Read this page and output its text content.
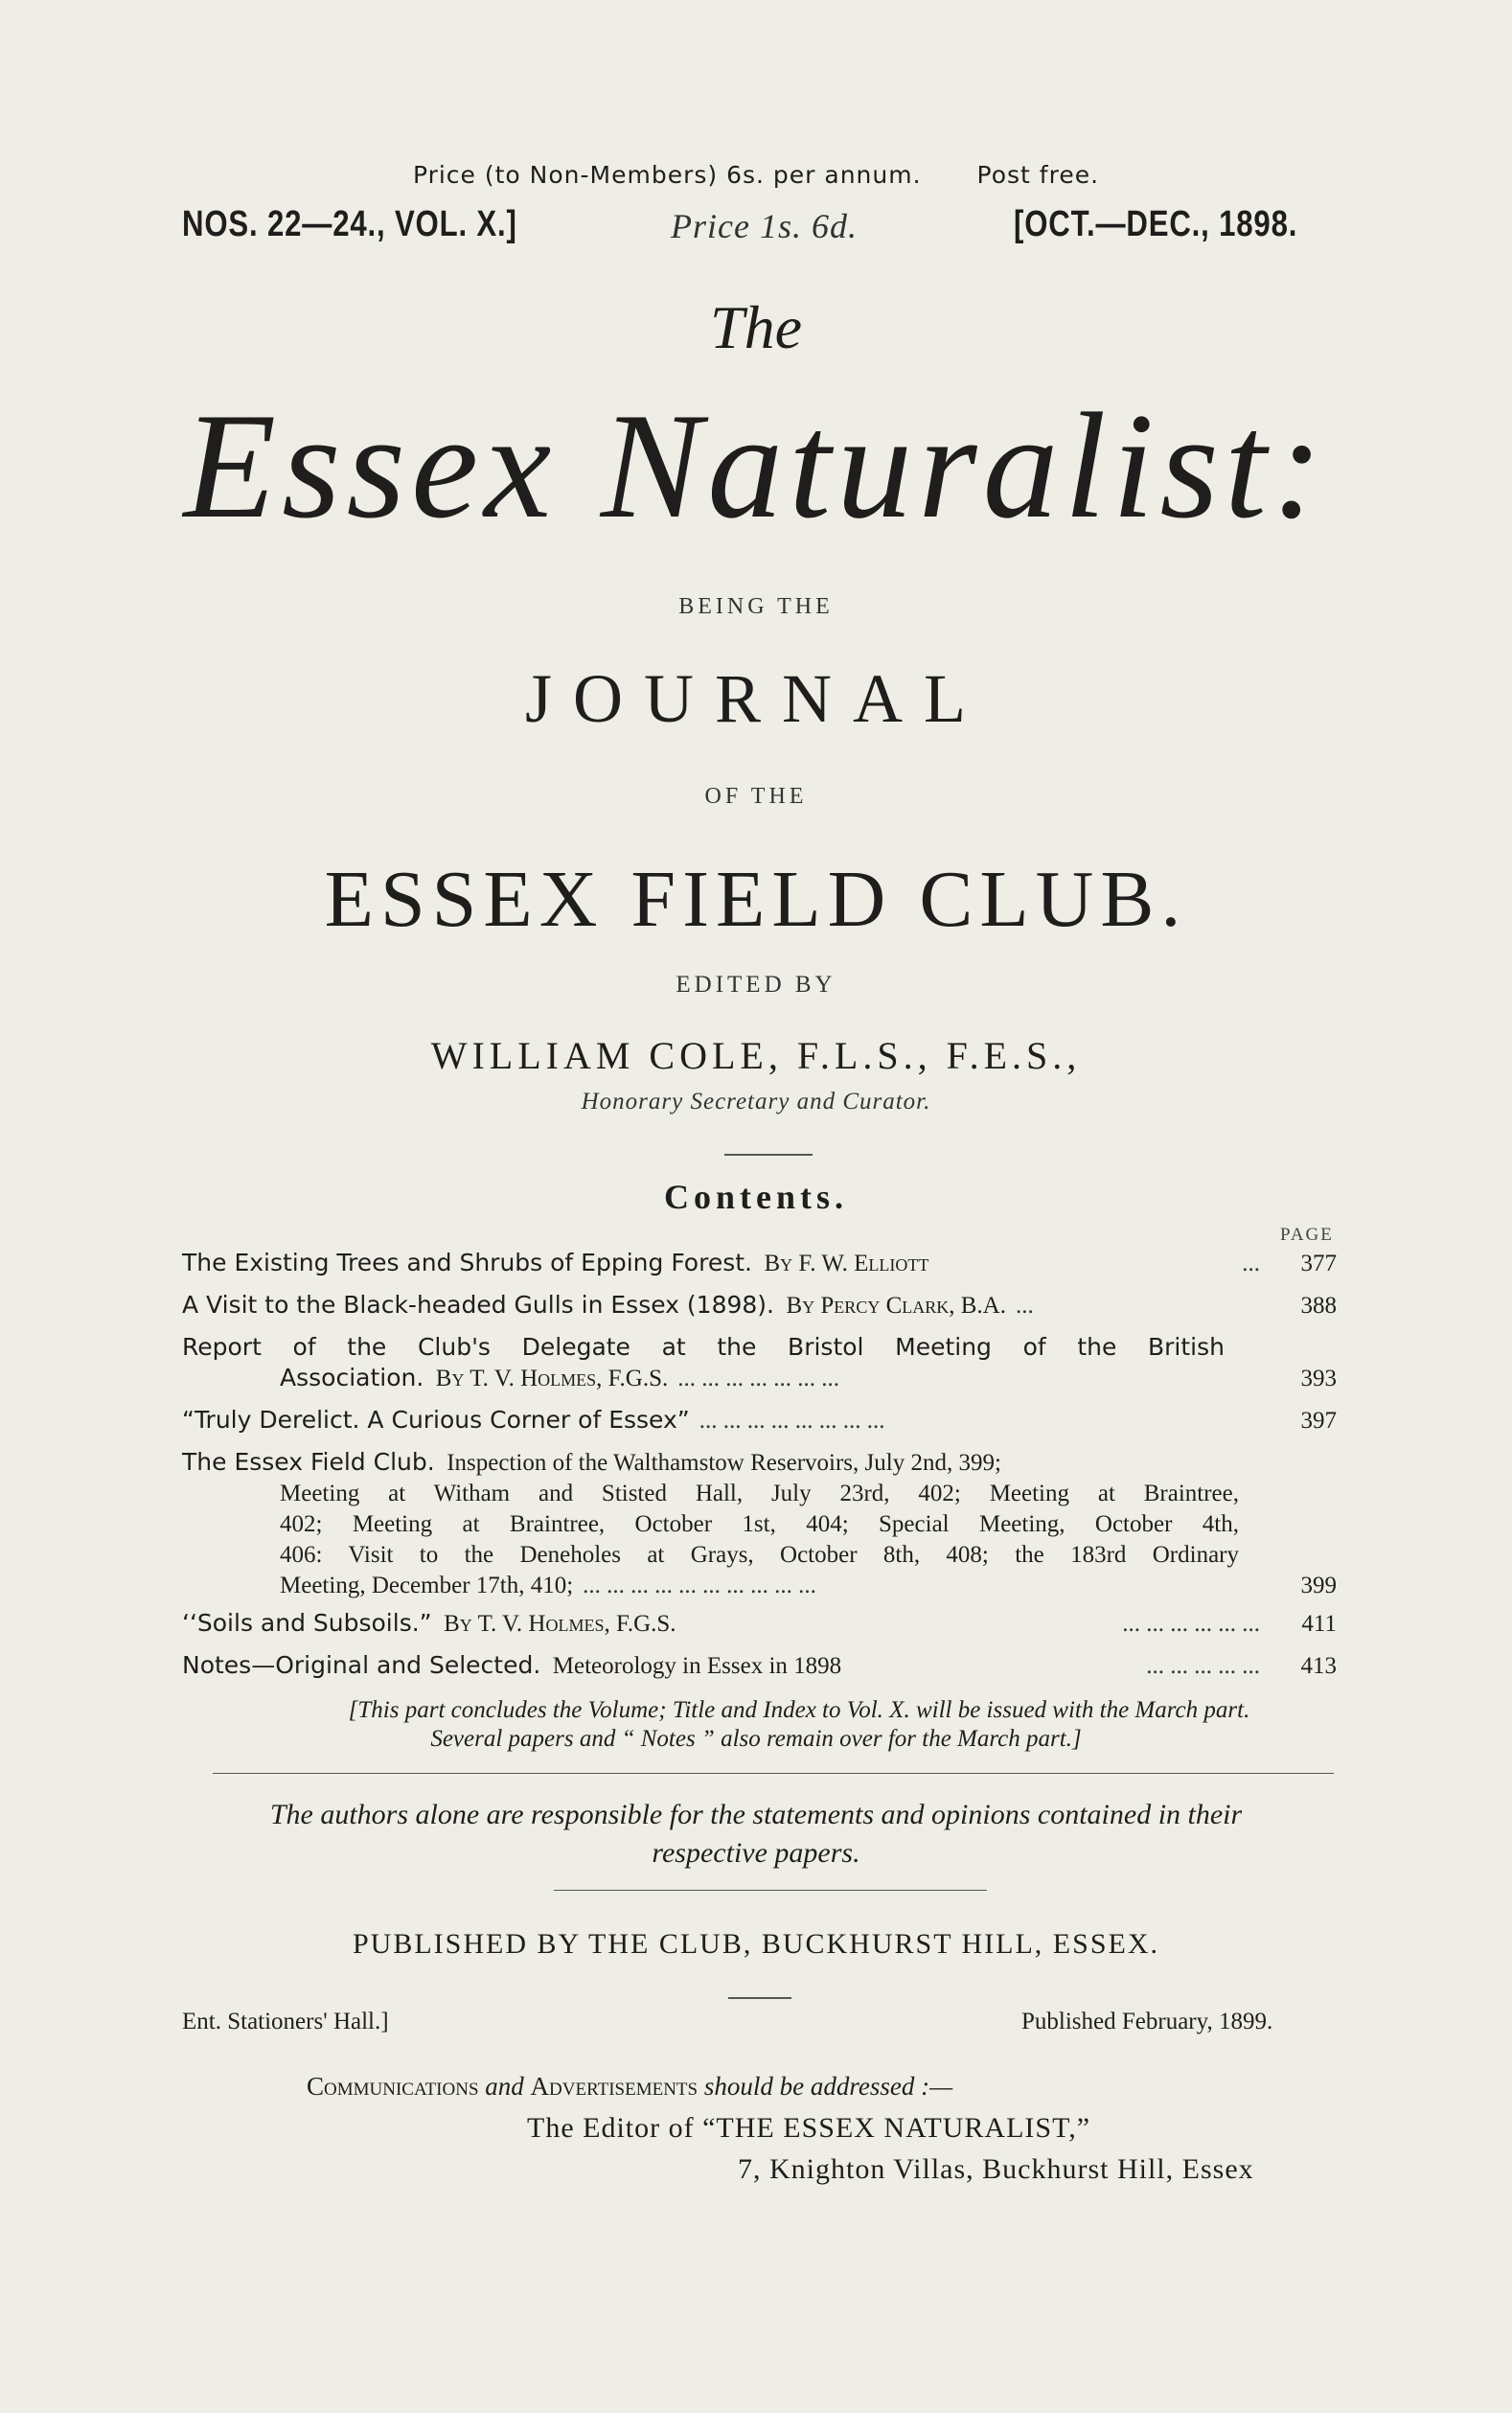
Price (to Non-Members) 6s. per annum. Post free.
NOS. 22—24., VOL. X.]	Price 1s. 6d.	[OCT.—DEC., 1898.
The
Essex Naturalist:
BEING THE
JOURNAL
OF THE
ESSEX FIELD CLUB.
EDITED BY
WILLIAM COLE, F.L.S., F.E.S.,
Honorary Secretary and Curator.
Contents.
PAGE
The Existing Trees and Shrubs of Epping Forest.
By F. W. Elliott	...	377
A Visit to the Black-headed Gulls in Essex (1898).
By Percy Clark, B.A. ...	388
Report of the Club's Delegate at the Bristol Meeting of the British
Association.
By T. V. Holmes, F.G.S. ... ... ... ... ... ... ...	393
“Truly Derelict. A Curious Corner of Essex” ... ... ... ... ... ... ... ...	397
The Essex Field Club.
Inspection of the Walthamstow Reservoirs, July 2nd, 399;
Meeting at Witham and Stisted Hall, July 23rd, 402; Meeting at Braintree,
402; Meeting at Braintree, October 1st, 404; Special Meeting, October 4th,
406: Visit to the Deneholes at Grays, October 8th, 408; the 183rd Ordinary
Meeting, December 17th, 410; ... ... ... ... ... ... ... ... ... ...	399
‘‘Soils and Subsoils.”
By T. V. Holmes, F.G.S.	... ... ... ... ... ...	411
Notes—Original and Selected.
Meteorology in Essex in 1898	... ... ... ... ...	413
[This part concludes the Volume; Title and Index to Vol. X. will be issued with the March part.
Several papers and “ Notes ” also remain over for the March part.]
The authors alone are responsible for the statements and opinions contained in their
respective papers.
PUBLISHED BY THE CLUB, BUCKHURST HILL, ESSEX.
Ent. Stationers' Hall.]	Published February, 1899.
Communications and Advertisements should be addressed :—
The Editor of “THE ESSEX NATURALIST,”
7, Knighton Villas, Buckhurst Hill, Essex
